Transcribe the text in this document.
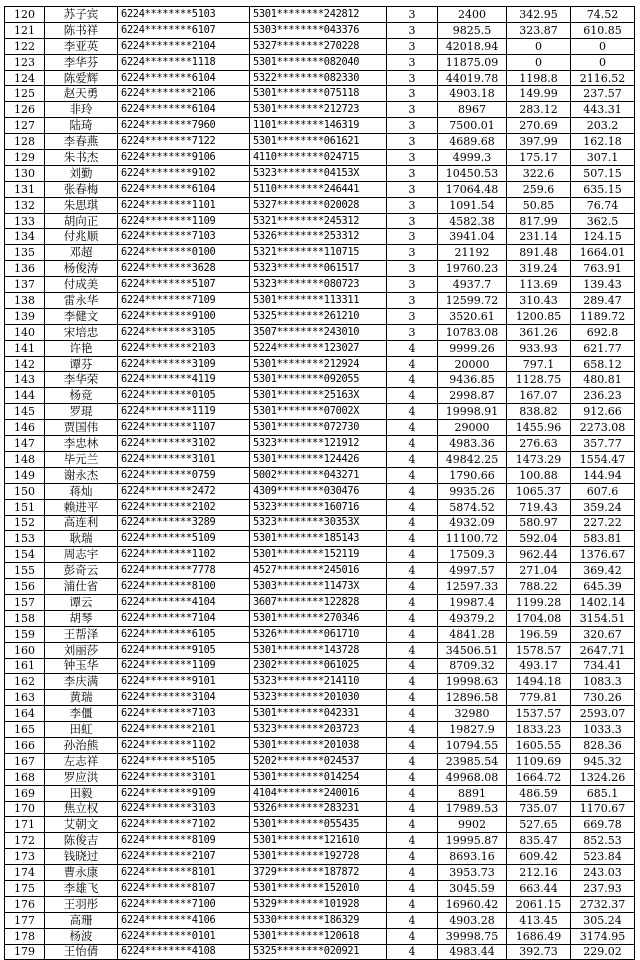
120	苏子宾	6224********5103	5301********242812	3	2400	342.95	74.52
121	陈书祥	6224********6107	5303********043376	3	9825.5	323.87	610.85
122	李亚英	6224********2104	5327********270228	3	42018.94	0	0
123	李华芬	6224********1118	5301********082040	3	11875.09	0	0
124	陈爱辉	6224********6104	5322********082330	3	44019.78	1198.8	2116.52
125	赵天勇	6224********2106	5301********075118	3	4903.18	149.99	237.57
126	非玲	6224********6104	5301********212723	3	8967	283.12	443.31
127	陆琦	6224********7960	1101********146319	3	7500.01	270.69	203.2
128	李春燕	6224********7122	5301********061621	3	4689.68	397.99	162.18
129	朱书杰	6224********9106	4110********024715	3	4999.3	175.17	307.1
130	刘勤	6224********9102	5323********04153X	3	10450.53	322.6	507.15
131	张春梅	6224********6104	5110********246441	3	17064.48	259.6	635.15
132	朱思琪	6224********1101	5327********020028	3	1091.54	50.85	76.74
133	胡向正	6224********1109	5321********245312	3	4582.38	817.99	362.5
134	付兆顺	6224********7103	5326********253312	3	3941.04	231.14	124.15
135	邓超	6224********0100	5321********110715	3	21192	891.48	1664.01
136	杨俊涛	6224********3628	5323********061517	3	19760.23	319.24	763.91
137	付成美	6224********5107	5323********080723	3	4937.7	113.69	139.43
138	雷永华	6224********7109	5301********113311	3	12599.72	310.43	289.47
139	李健文	6224********9100	5325********261210	3	3520.61	1200.85	1189.72
140	宋培忠	6224********3105	3507********243010	3	10783.08	361.26	692.8
141	许艳	6224********2103	5224********123027	4	9999.26	933.93	621.77
142	谭芬	6224********3109	5301********212924	4	20000	797.1	658.12
143	李华荣	6224********4119	5301********092055	4	9436.85	1128.75	480.81
144	杨竞	6224********0105	5301********25163X	4	2998.87	167.07	236.23
145	罗琨	6224********1119	5301********07002X	4	19998.91	838.82	912.66
146	贾国伟	6224********1107	5301********072730	4	29000	1455.96	2273.08
147	李忠林	6224********3102	5323********121912	4	4983.36	276.63	357.77
148	毕元兰	6224********3101	5301********124426	4	49842.25	1473.29	1554.47
149	谢永杰	6224********0759	5002********043271	4	1790.66	100.88	144.94
150	蒋灿	6224********2472	4309********030476	4	9935.26	1065.37	607.6
151	赖进平	6224********2102	5323********160716	4	5874.52	719.43	359.24
152	高连利	6224********3289	5323********30353X	4	4932.09	580.97	227.22
153	耿瑞	6224********5109	5301********185143	4	11100.72	592.04	583.81
154	周志宇	6224********1102	5301********152119	4	17509.3	962.44	1376.67
155	彭奇云	6224********7778	4527********245016	4	4997.57	271.04	369.42
156	浦仕省	6224********8100	5303********11473X	4	12597.33	788.22	645.39
157	谭云	6224********4104	3607********122828	4	19987.4	1199.28	1402.14
158	胡琴	6224********7104	5301********270346	4	49379.2	1704.08	3154.51
159	王帮泽	6224********6105	5326********061710	4	4841.28	196.59	320.67
160	刘丽莎	6224********9105	5301********143728	4	34506.51	1578.57	2647.71
161	钟玉华	6224********1109	2302********061025	4	8709.32	493.17	734.41
162	李庆满	6224********9101	5323********214110	4	19998.63	1494.18	1083.3
163	黄瑞	6224********3104	5323********201030	4	12896.58	779.81	730.26
164	李僵	6224********7103	5301********042331	4	32980	1537.57	2593.07
165	田虹	6224********2101	5323********203723	4	19827.9	1833.23	1033.3
166	孙治熊	6224********1102	5301********201038	4	10794.55	1605.55	828.36
167	左志祥	6224********5105	5202********024537	4	23985.54	1109.69	945.32
168	罗应洪	6224********3101	5301********014254	4	49968.08	1664.72	1324.26
169	田毅	6224********9109	4104********240016	4	8891	486.59	685.1
170	焦立权	6224********3103	5326********283231	4	17989.53	735.07	1170.67
171	艾朝文	6224********7102	5301********055435	4	9902	527.65	669.78
172	陈俊吉	6224********8109	5301********121610	4	19995.87	835.47	852.53
173	钱晓过	6224********2107	5301********192728	4	8693.16	609.42	523.84
174	曹永康	6224********8101	3729********187872	4	3953.73	212.16	243.03
175	李雄飞	6224********8107	5301********152010	4	3045.59	663.44	237.93
176	王羽彤	6224********7100	5329********101928	4	16960.42	2061.15	2732.37
177	高珊	6224********4106	5330********186329	4	4903.28	413.45	305.24
178	杨波	6224********0101	5301********120618	4	39998.75	1686.49	3174.95
179	王怡倩	6224********4108	5325********020921	4	4983.44	392.73	229.02
